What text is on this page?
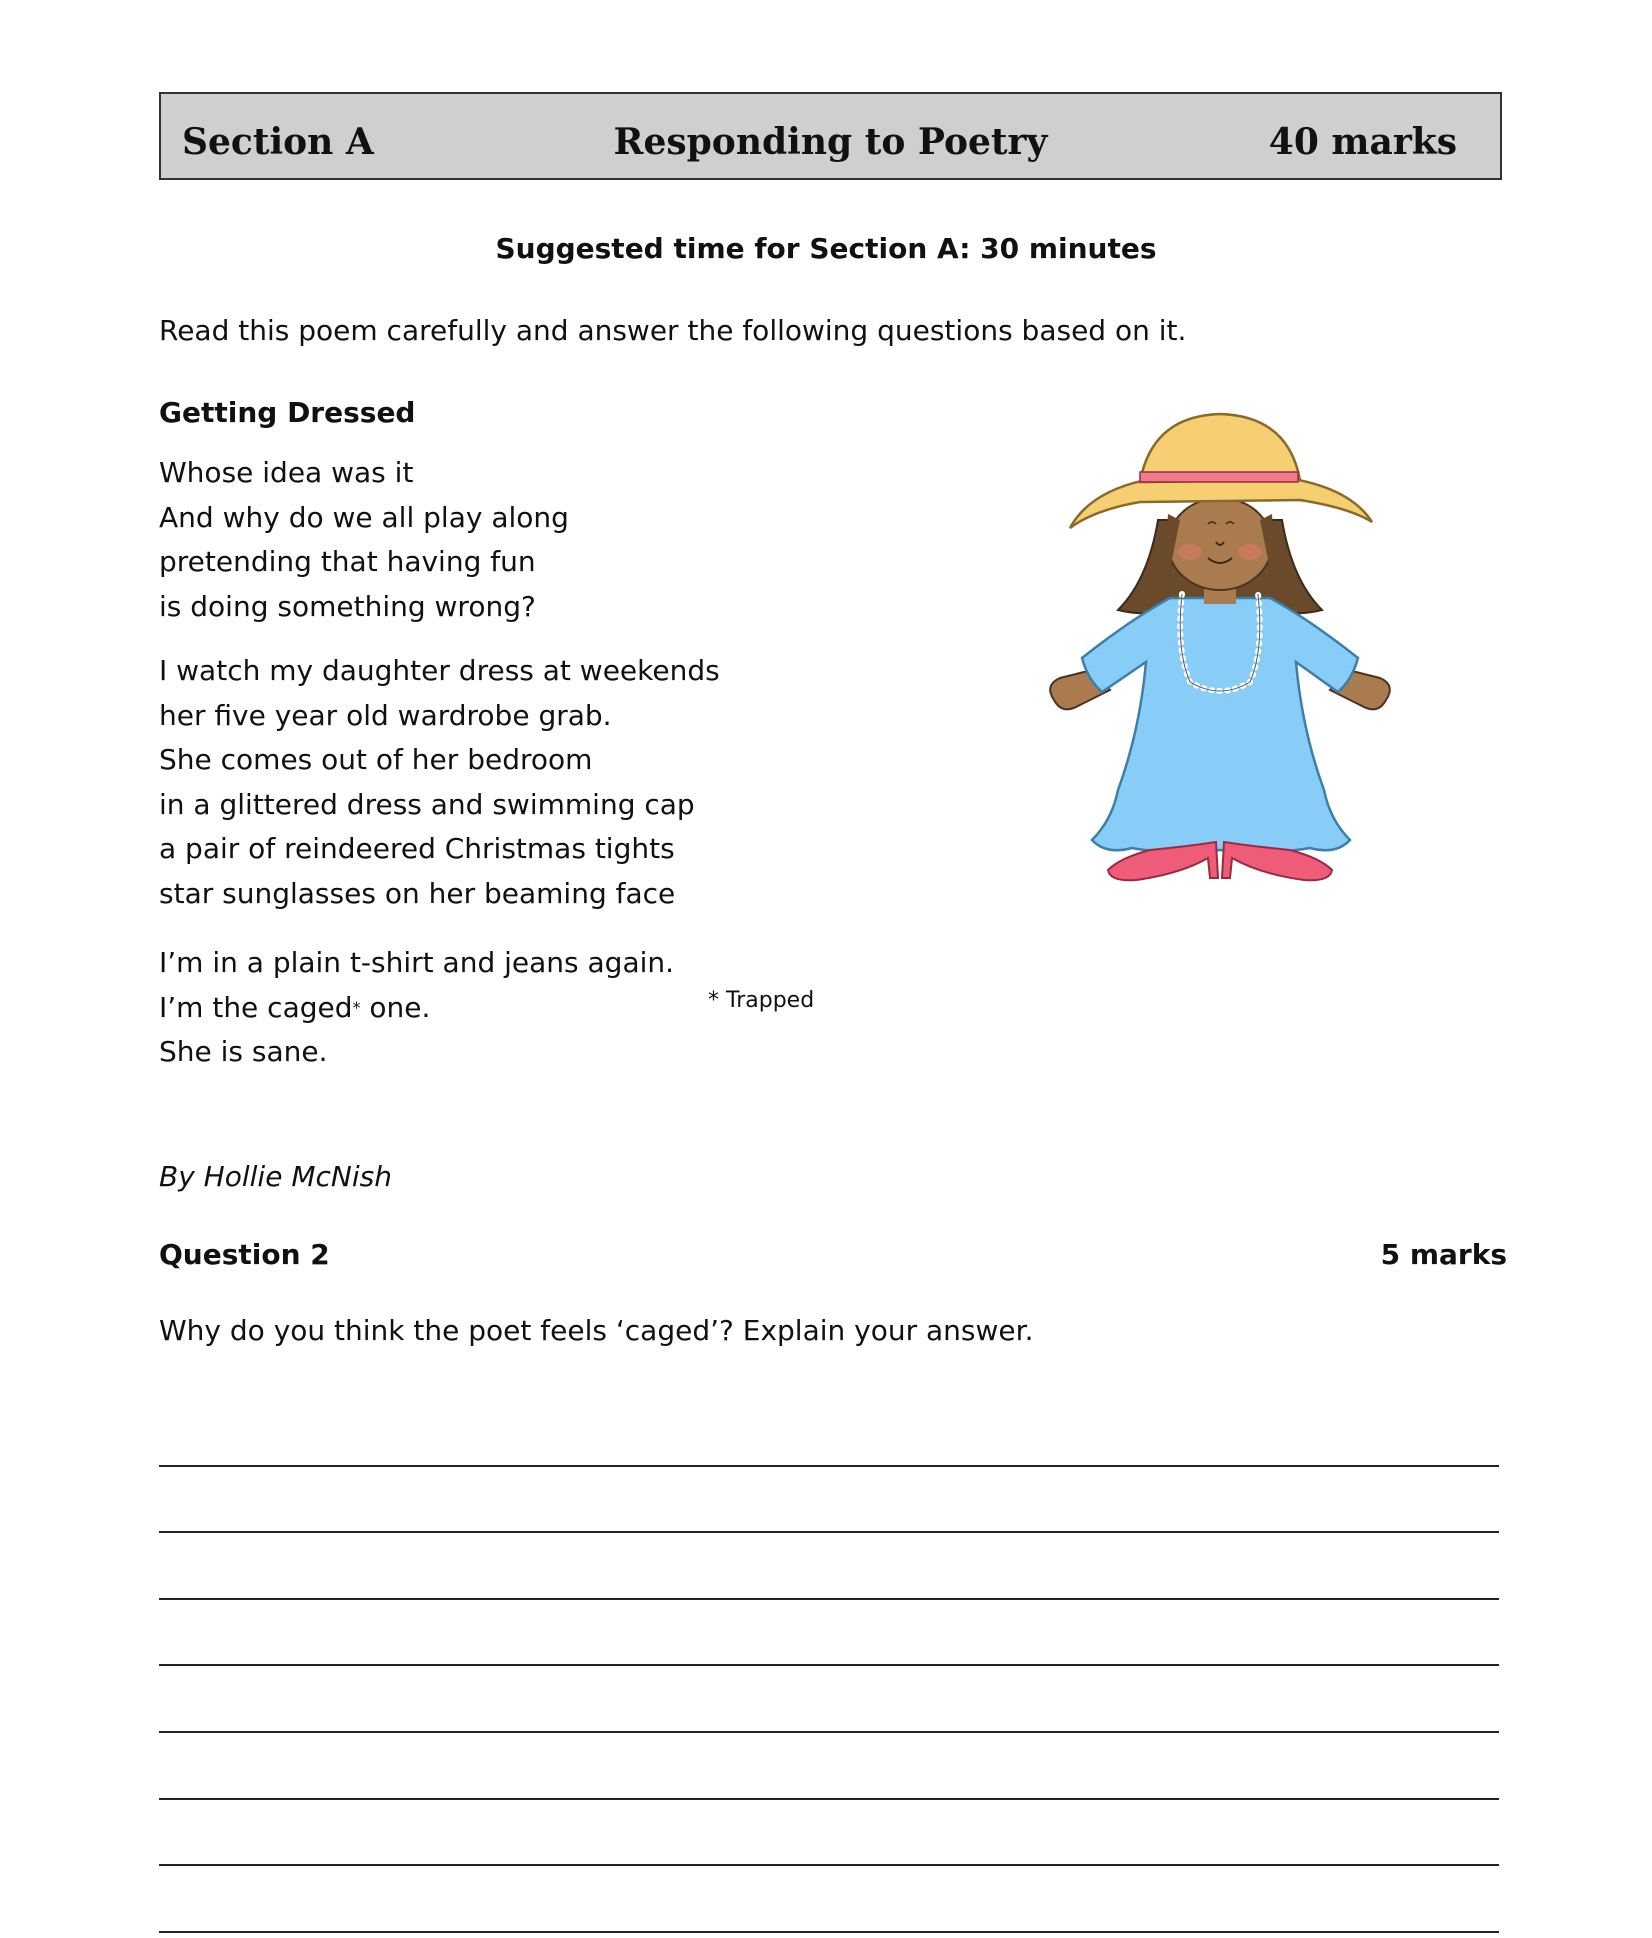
Section A	Responding to Poetry	40 marks
Suggested time for Section A: 30 minutes
Read this poem carefully and answer the following questions based on it.
Getting Dressed
Whose idea was it
And why do we all play along
pretending that having fun
is doing something wrong?
I watch my daughter dress at weekends
her five year old wardrobe grab.
She comes out of her bedroom
in a glittered dress and swimming cap
a pair of reindeered Christmas tights
star sunglasses on her beaming face
I’m in a plain t-shirt and jeans again.
I’m the caged* one.
She is sane.
* Trapped
By Hollie McNish
Question 2	5 marks
Why do you think the poet feels ‘caged’? Explain your answer.
